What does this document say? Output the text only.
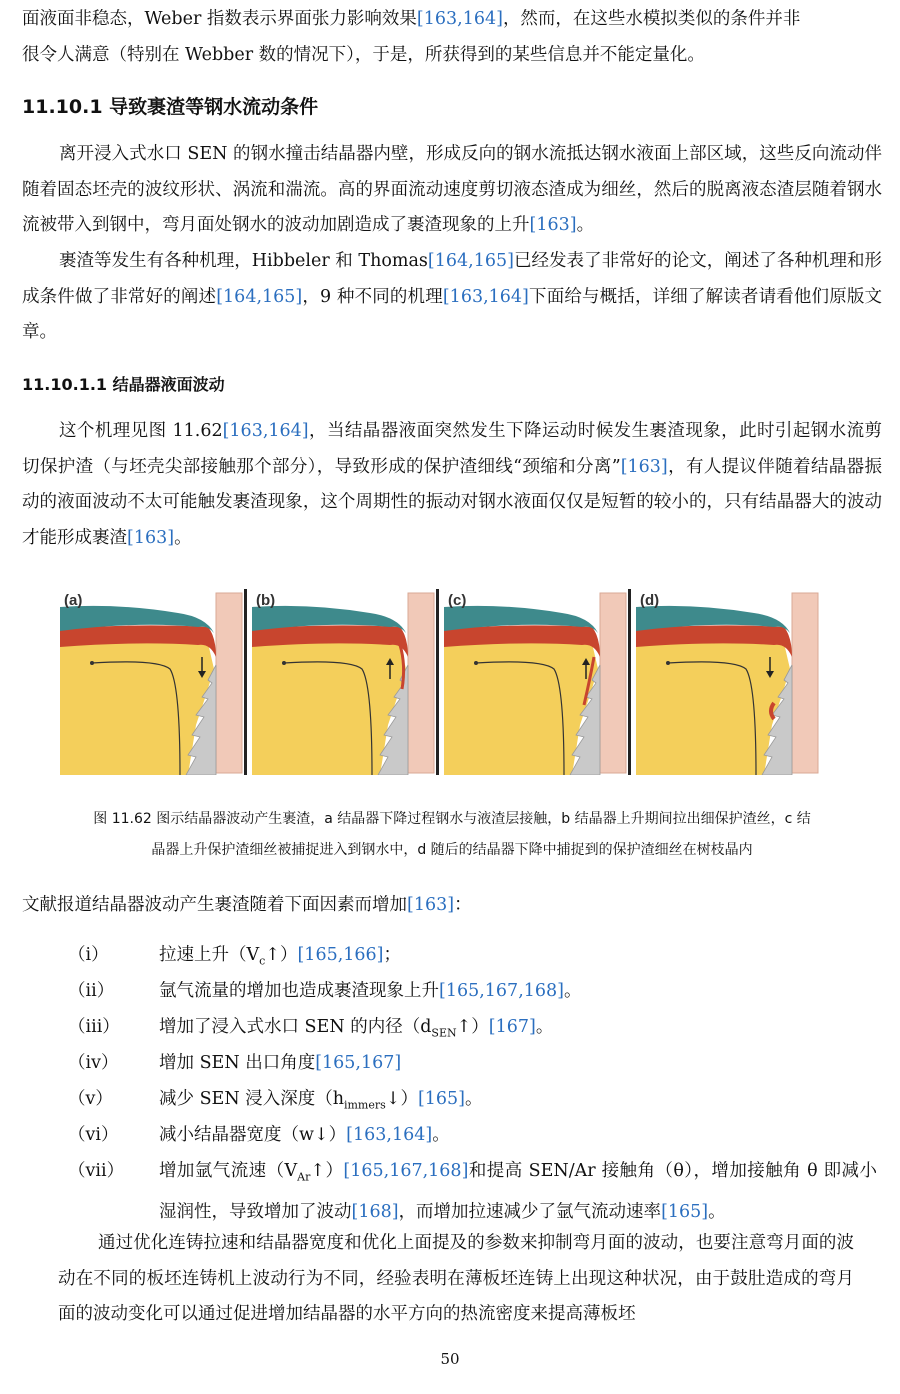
面液面非稳态，Weber 指数表示界面张力影响效果[163,164]，然而，在这些水模拟类似的条件并非
很令人满意（特别在 Webber 数的情况下），于是，所获得到的某些信息并不能定量化。

11.10.1 导致裹渣等钢水流动条件

离开浸入式水口 SEN 的钢水撞击结晶器内壁，形成反向的钢水流抵达钢水液面上部区域，这些反向流动伴随着固态坯壳的波纹形状、涡流和湍流。高的界面流动速度剪切液态渣成为细丝，然后的脱离液态渣层随着钢水流被带入到钢中，弯月面处钢水的波动加剧造成了裹渣现象的上升[163]。

裹渣等发生有各种机理，Hibbeler 和 Thomas[164,165]已经发表了非常好的论文，阐述了各种机理和形成条件做了非常好的阐述[164,165]，9 种不同的机理[163,164]下面给与概括，详细了解读者请看他们原版文章。

11.10.1.1 结晶器液面波动

这个机理见图 11.62[163,164]，当结晶器液面突然发生下降运动时候发生裹渣现象，此时引起钢水流剪切保护渣（与坯壳尖部接触那个部分），导致形成的保护渣细线“颈缩和分离”[163]，有人提议伴随着结晶器振动的液面波动不太可能触发裹渣现象，这个周期性的振动对钢水液面仅仅是短暂的较小的，只有结晶器大的波动才能形成裹渣[163]。

(a)	(b)	(c)	(d)
图 11.62 图示结晶器波动产生裹渣，a 结晶器下降过程钢水与液渣层接触，b 结晶器上升期间拉出细保护渣丝，c 结
晶器上升保护渣细丝被捕捉进入到钢水中，d 随后的结晶器下降中捕捉到的保护渣细丝在树枝晶内

文献报道结晶器波动产生裹渣随着下面因素而增加[163]：

（i）	拉速上升$(V_c↑)[165,166]$；
（ii）	氩气流量的增加也造成裹渣现象上升[165,167,168]。
（iii） 增加了浸入式水口 SEN 的内径$(d_{SEN}↑)[167]$。
（iv） 增加 SEN 出口角度[165,167]
（v）	减少 SEN 浸入深度$(h_{immers}↓)[165]$。
（vi） 减小结晶器宽度（w↓）[163,164]。
（vii） 增加氩气流速$(V_{Ar}↑)[165,167,168]$和提高 SEN/Ar 接触角（θ），增加接触角 θ 即减小湿润性，导致增加了波动[168]，而增加拉速减少了氩气流动速率[165]。

通过优化连铸拉速和结晶器宽度和优化上面提及的参数来抑制弯月面的波动，也要注意弯月面的波动在不同的板坯连铸机上波动行为不同，经验表明在薄板坯连铸上出现这种状况，由于鼓肚造成的弯月面的波动变化可以通过促进增加结晶器的水平方向的热流密度来提高薄板坯

50
